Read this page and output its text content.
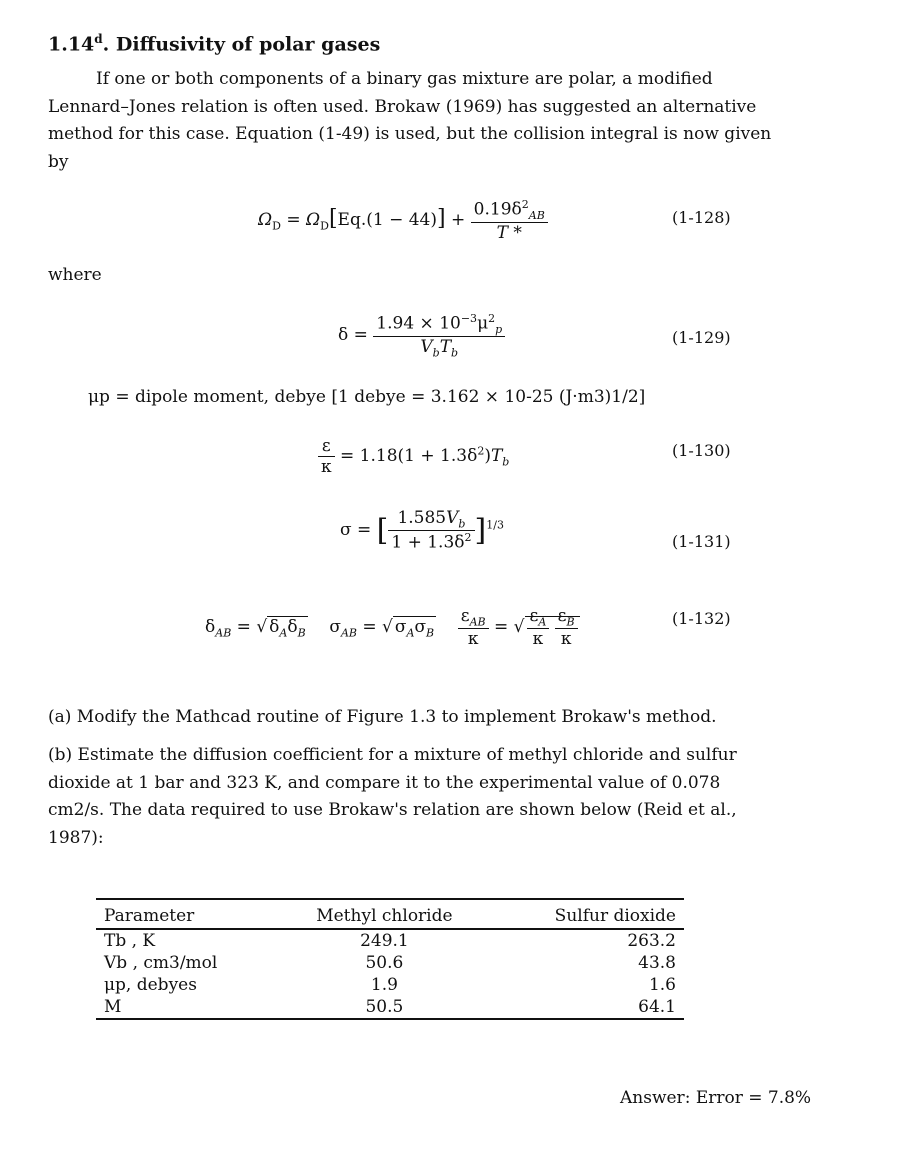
1.14$^d$. Diffusivity of polar gases
If one or both components of a binary gas mixture are polar, a modified Lennard–Jones relation is often used. Brokaw (1969) has suggested an alternative method for this case. Equation (1-49) is used, but the collision integral is now given by
$\Omega_D = \Omega_D[Eq.(1 - 44)] + \frac{0.19\delta^2_{AB}}{T *}$	(1-128)
where
$\delta = \frac{1.94 \times 10^{-3}\mu^2_p}{V_bT_b}$	(1-129)
μp = dipole moment, debye [1 debye = 3.162 × 10-25 (J·m3)1/2]
$\frac{\varepsilon}{\kappa} = 1.18(1 + 1.3\delta^2)T_b$
(1-130)
σ = [ $\frac{1.585V_b}{1 + 1.3\delta^2} ]^{1/3}$
(1-131)
$\delta_{AB}$ = √ $\delta_A\delta_B$    $\sigma_{AB}$ = √ $\sigma_A\sigma_B \frac{\varepsilon_{AB}}{\kappa}$ = √ $\frac{\varepsilon_A}{\kappa}$
$\frac{\varepsilon_B}{\kappa}$	(1-132)
(a) Modify the Mathcad routine of Figure 1.3 to implement Brokaw's method.
(b) Estimate the diffusion coefficient for a mixture of methyl chloride and sulfur dioxide at 1 bar and 323 K, and compare it to the experimental value of 0.078 cm2/s. The data required to use Brokaw's relation are shown below (Reid et al., 1987):
Parameter	Methyl chloride	Sulfur dioxide
Tb , K	249.1	263.2
Vb , cm3/mol	50.6	43.8
μp, debyes	1.9	1.6
M	50.5	64.1
Answer: Error = 7.8%
